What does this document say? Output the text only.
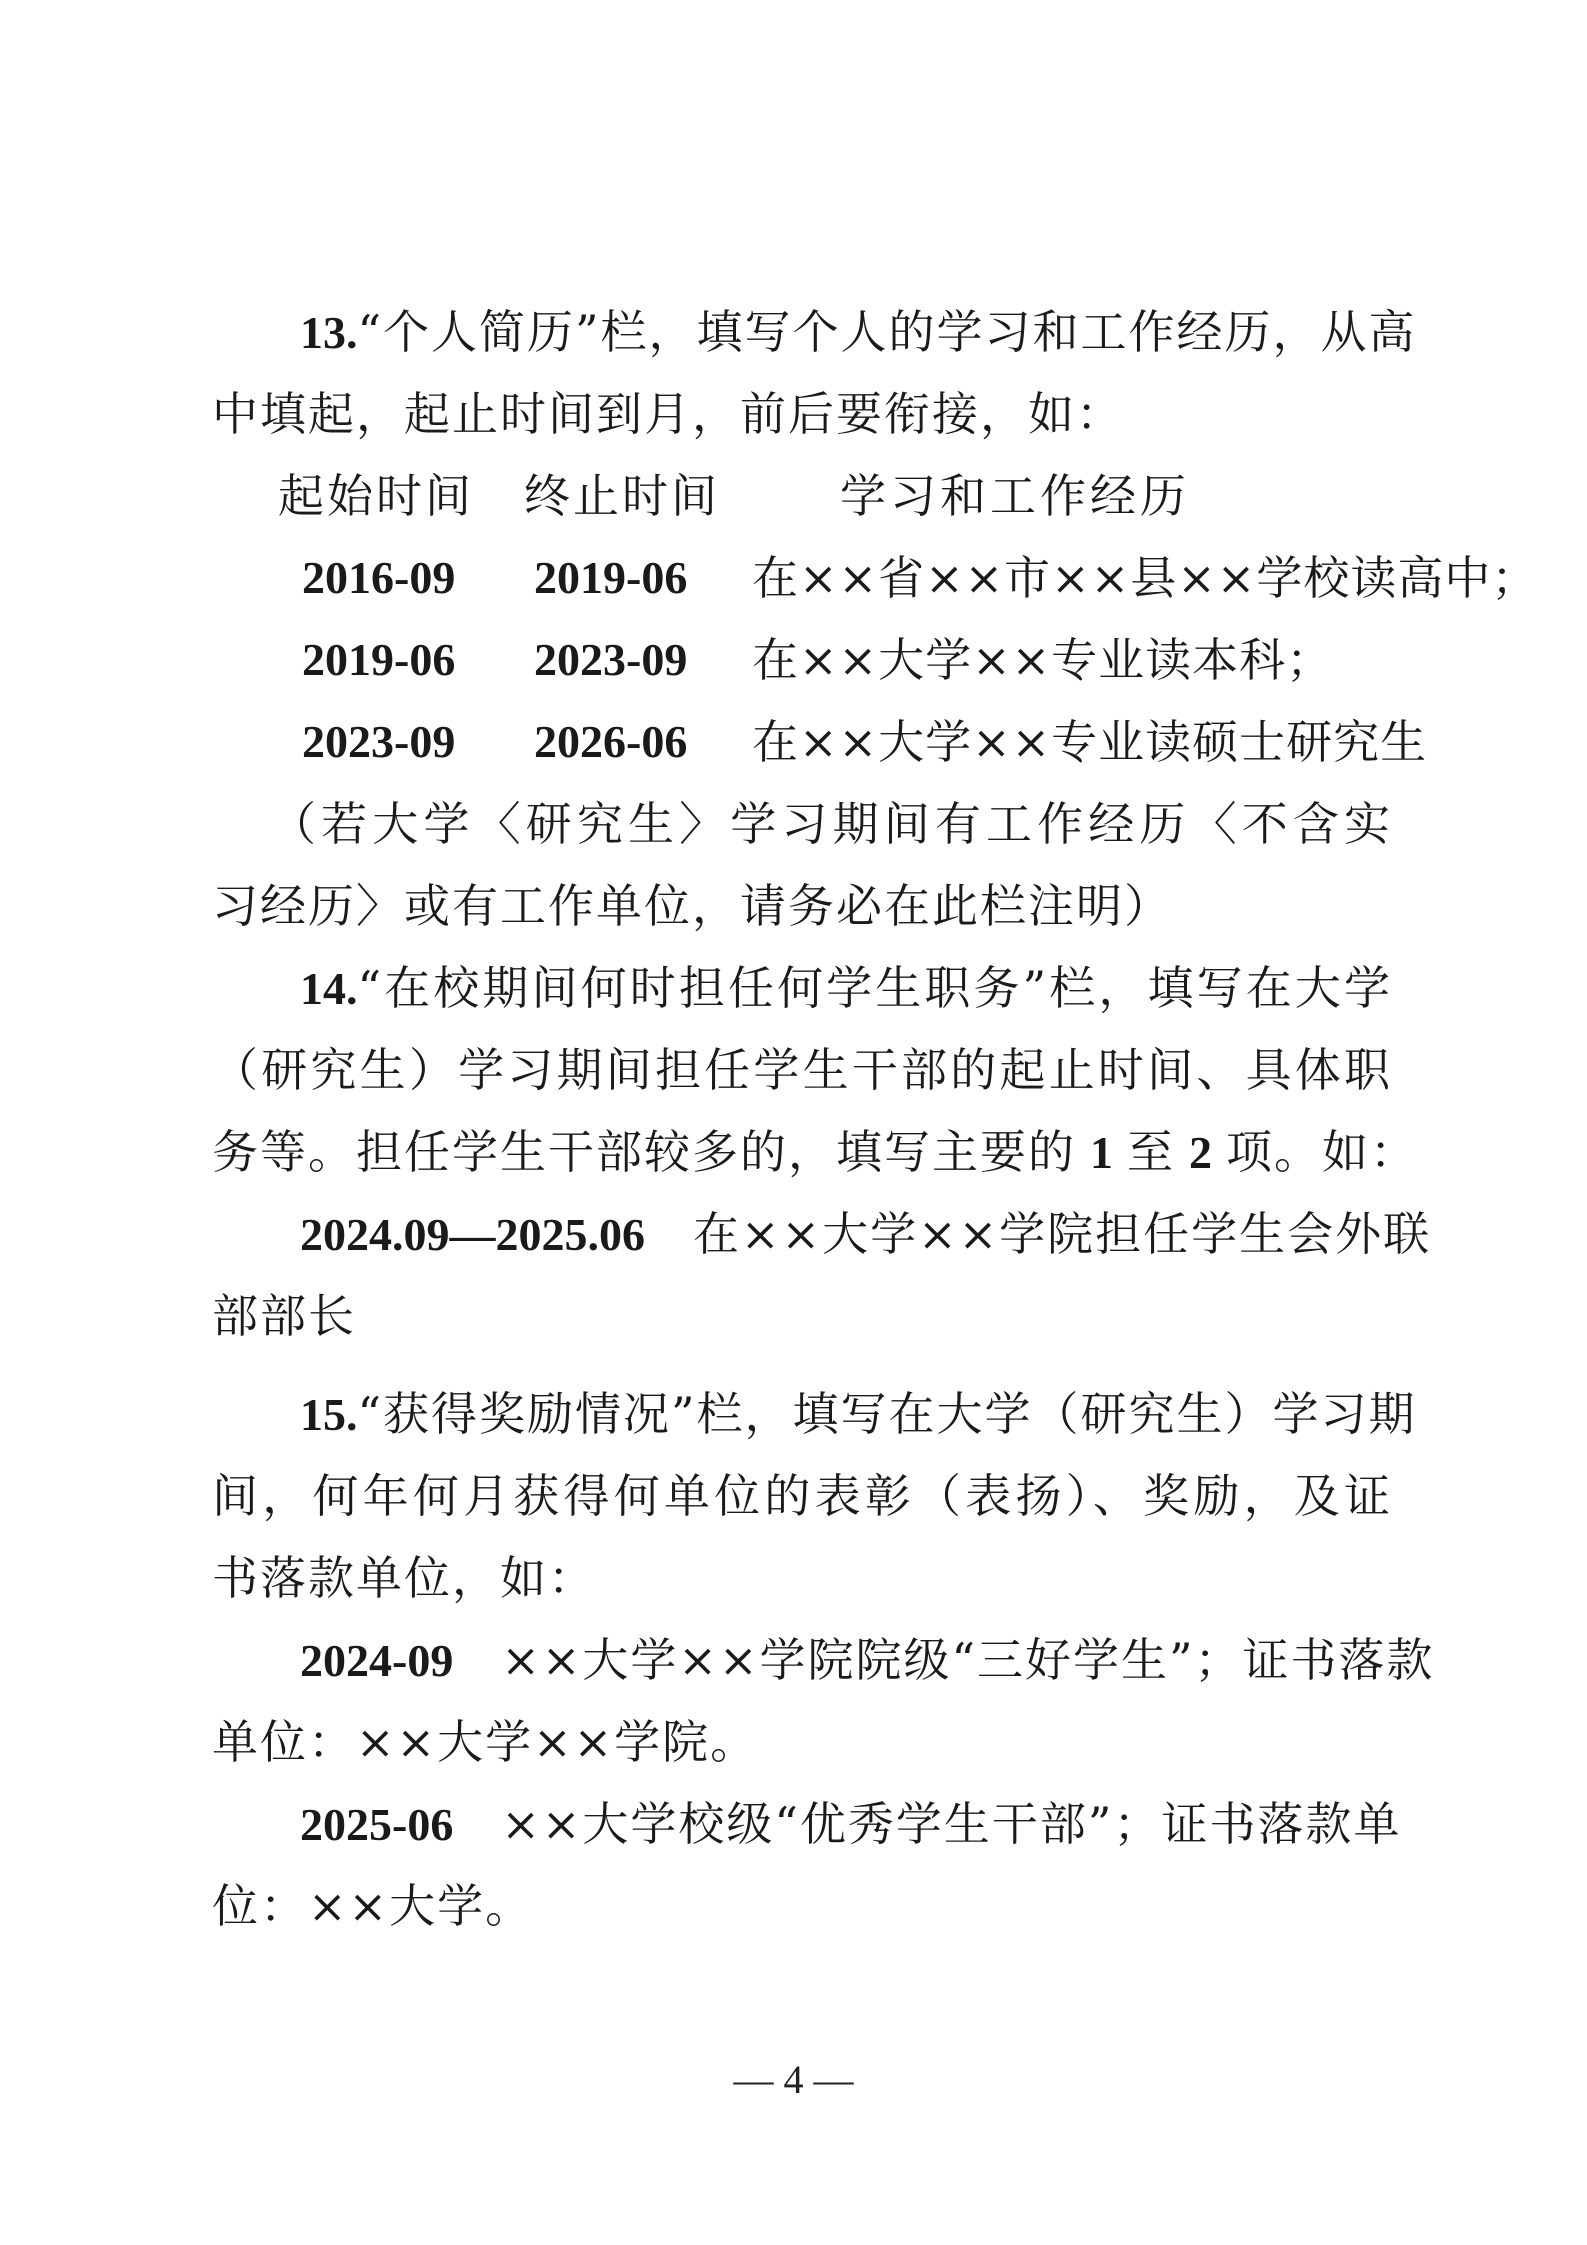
13.“个人简历”栏，填写个人的学习和工作经历，从高
中填起，起止时间到月，前后要衔接，如：
起始时间 终止时间	学习和工作经历
2016-09 2019-06 在××省××市××县××学校读高中；
2019-06 2023-09 在××大学××专业读本科；
2023-09 2026-06 在××大学××专业读硕士研究生
（若大学〈研究生〉学习期间有工作经历〈不含实
习经历〉或有工作单位，请务必在此栏注明）
14.“在校期间何时担任何学生职务”栏，填写在大学
（研究生）学习期间担任学生干部的起止时间、具体职
务等。担任学生干部较多的，填写主要的 1 至 2 项。如：
2024.09—2025.06 在××大学××学院担任学生会外联
部部长
15.“获得奖励情况”栏，填写在大学（研究生）学习期
间，何年何月获得何单位的表彰（表扬）、奖励，及证
书落款单位，如：
2024-09 ××大学××学院院级“三好学生”；证书落款
单位：××大学××学院。
2025-06 ××大学校级“优秀学生干部”；证书落款单
位：××大学。
— 4 —
